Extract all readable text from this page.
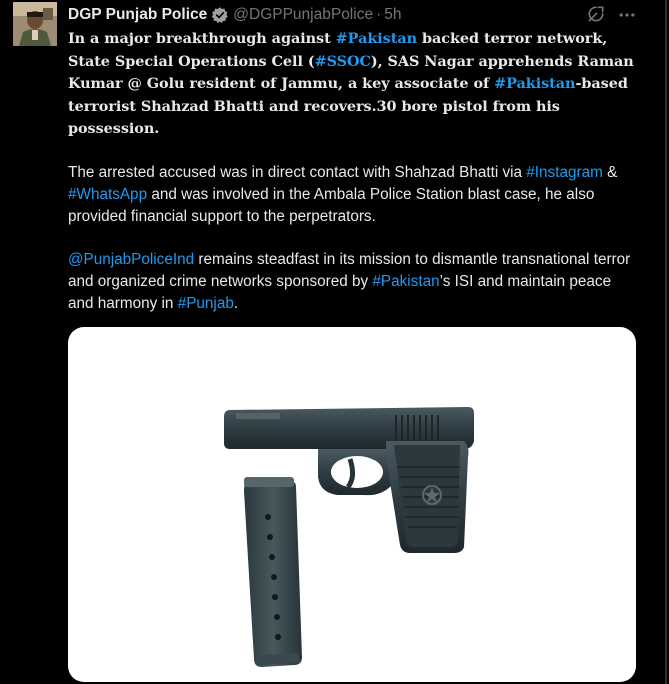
DGP Punjab Police @DGPPunjabPolice · 5h

In a major breakthrough against #Pakistan backed terror network, State Special Operations Cell (#SSOC), SAS Nagar apprehends Raman Kumar @ Golu resident of Jammu, a key associate of #Pakistan-based terrorist Shahzad Bhatti and recovers.30 bore pistol from his possession.

The arrested accused was in direct contact with Shahzad Bhatti via #Instagram & #WhatsApp and was involved in the Ambala Police Station blast case, he also provided financial support to the perpetrators.

@PunjabPoliceInd remains steadfast in its mission to dismantle transnational terror and organized crime networks sponsored by #Pakistan’s ISI and maintain peace and harmony in #Punjab.
